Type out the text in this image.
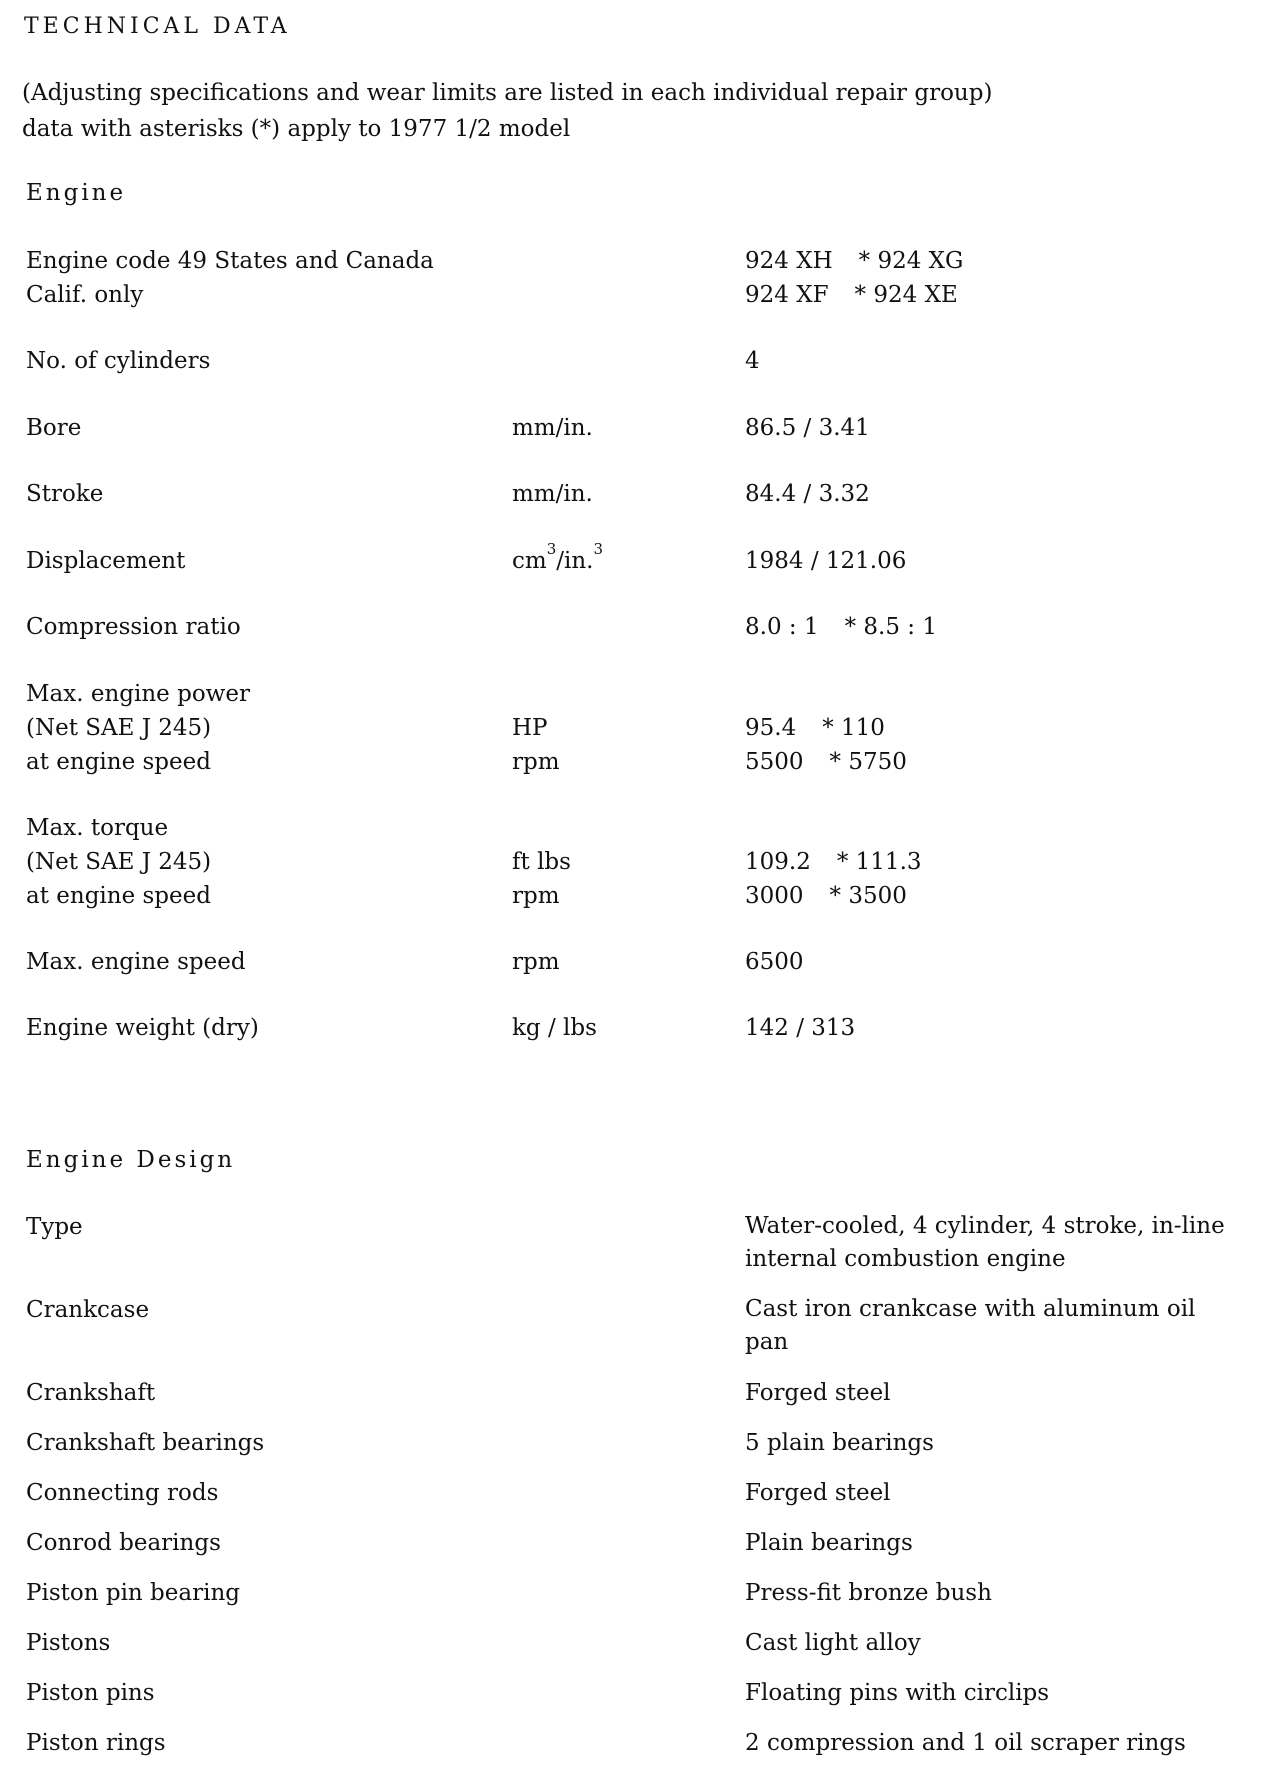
TECHNICAL DATA
(Adjusting specifications and wear limits are listed in each individual repair group)
data with asterisks (*) apply to 1977 1/2 model
Engine
Engine code 49 States and Canada	924 XH * 924 XG
Calif. only	924 XF * 924 XE
No. of cylinders	4
Bore	mm/in.	86.5 / 3.41
Stroke	mm/in.	84.4 / 3.32
Displacement	$cm^3/in.^3$	1984 / 121.06
Compression ratio	8.0 : 1 * 8.5 : 1
Max. engine power
(Net SAE J 245)	HP	95.4 * 110
at engine speed	rpm	5500 * 5750
Max. torque
(Net SAE J 245)	ft lbs	109.2 * 111.3
at engine speed	rpm	3000 * 3500
Max. engine speed	rpm	6500
Engine weight (dry)	kg / lbs	142 / 313
Engine Design
Type	Water-cooled, 4 cylinder, 4 stroke, in-line internal combustion engine
Crankcase	Cast iron crankcase with aluminum oil pan
Crankshaft	Forged steel
Crankshaft bearings	5 plain bearings
Connecting rods	Forged steel
Conrod bearings	Plain bearings
Piston pin bearing	Press-fit bronze bush
Pistons	Cast light alloy
Piston pins	Floating pins with circlips
Piston rings	2 compression and 1 oil scraper rings
